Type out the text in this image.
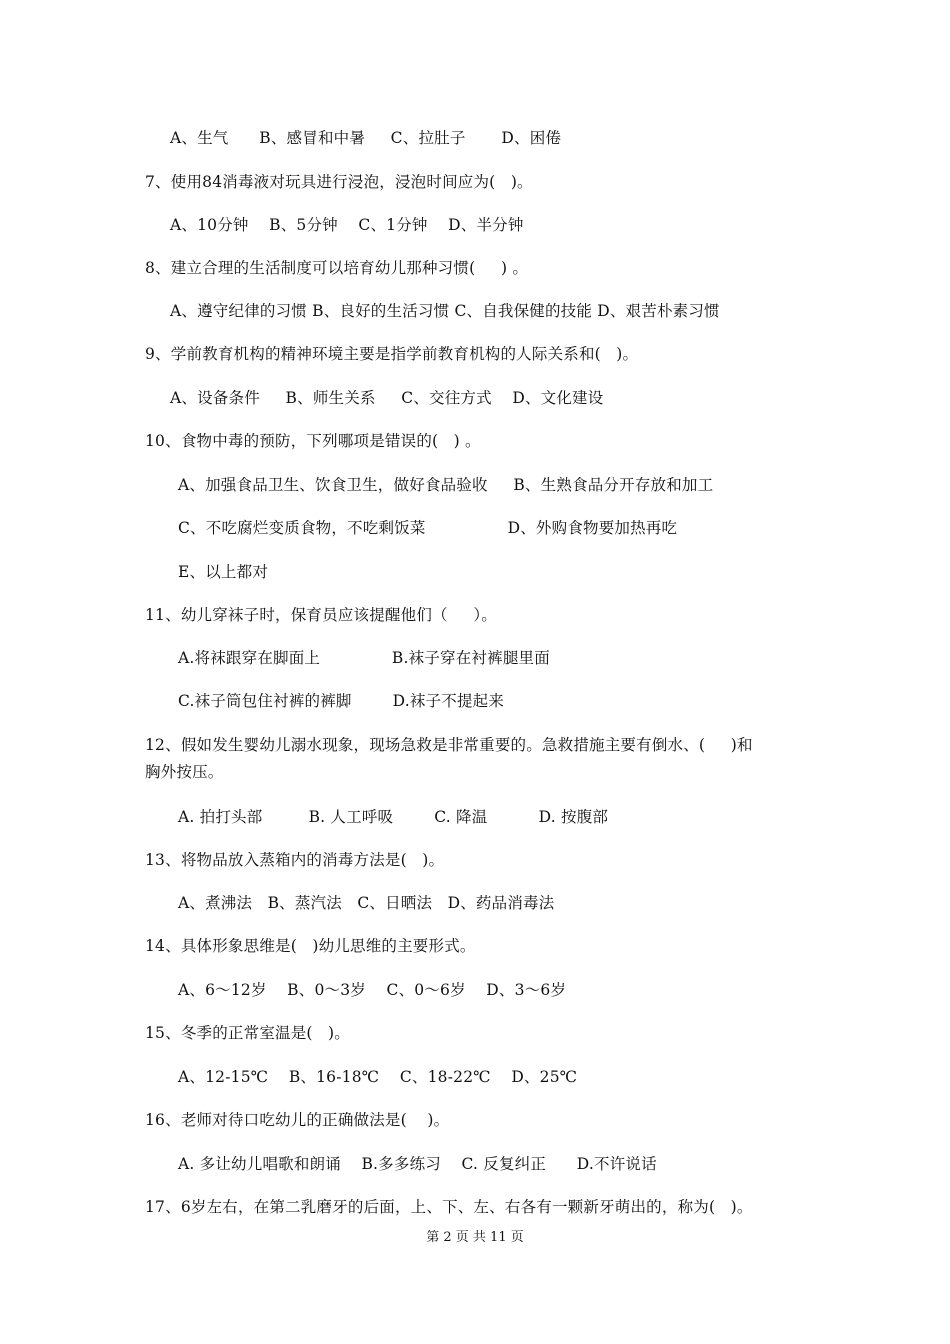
A、生气      B、感冒和中暑     C、拉肚子       D、困倦
7、使用84消毒液对玩具进行浸泡，浸泡时间应为(   )。
A、10分钟    B、5分钟    C、1分钟    D、半分钟
8、建立合理的生活制度可以培育幼儿那种习惯(     ) 。
A、遵守纪律的习惯 B、良好的生活习惯 C、自我保健的技能 D、艰苦朴素习惯
9、学前教育机构的精神环境主要是指学前教育机构的人际关系和(   )。
A、设备条件     B、师生关系     C、交往方式    D、文化建设
10、食物中毒的预防，下列哪项是错误的(   ) 。
A、加强食品卫生、饮食卫生，做好食品验收     B、生熟食品分开存放和加工
C、不吃腐烂变质食物，不吃剩饭菜                D、外购食物要加热再吃
E、以上都对
11、幼儿穿袜子时，保育员应该提醒他们（     ）。
A.将袜跟穿在脚面上              B.袜子穿在衬裤腿里面
C.袜子筒包住衬裤的裤脚        D.袜子不提起来
12、假如发生婴幼儿溺水现象，现场急救是非常重要的。急救措施主要有倒水、(     )和
胸外按压。
A. 拍打头部         B. 人工呼吸        C. 降温          D. 按腹部
13、将物品放入蒸箱内的消毒方法是(   )。
A、煮沸法   B、蒸汽法   C、日晒法   D、药品消毒法
14、具体形象思维是(   )幼儿思维的主要形式。
A、6～12岁    B、0～3岁    C、0～6岁    D、3～6岁
15、冬季的正常室温是(   )。
A、12-15℃    B、16-18℃    C、18-22℃    D、25℃
16、老师对待口吃幼儿的正确做法是(    )。
A. 多让幼儿唱歌和朗诵    B.多多练习    C. 反复纠正      D.不许说话
17、6岁左右，在第二乳磨牙的后面，上、下、左、右各有一颗新牙萌出的，称为(   )。
第 2 页 共 11 页
